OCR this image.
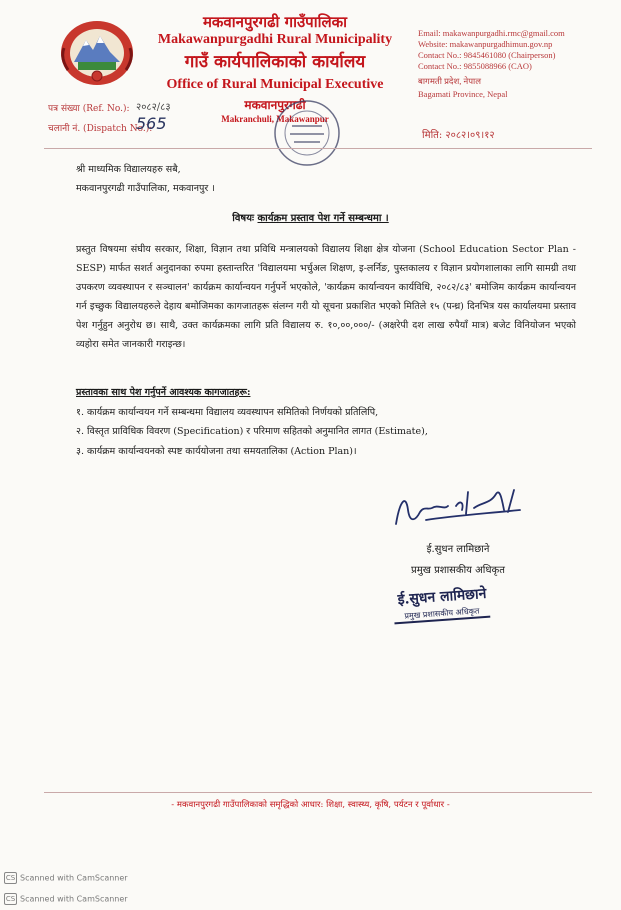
मकवानपुरगढी गाउँपालिका
Makawanpurgadhi Rural Municipality
गाउँ कार्यपालिकाको कार्यालय
Office of Rural Municipal Executive
मकवानपुरगढी
Makranchuli, Makawanpur
Email: makawanpurgadhi.rmc@gmail.com
Website: makawanpurgadhimun.gov.np
Contact No.: 9845461080 (Chairperson)
Contact No.: 9855088966 (CAO)
बागमती प्रदेश, नेपाल
Bagamati Province, Nepal
पत्र संख्या (Ref. No.): २०८२/८३
चलानी नं. (Dispatch No.):
565
मिति: २०८२।०९।१२
श्री माध्यमिक विद्यालयहरु सबै,
मकवानपुरगढी गाउँपालिका, मकवानपुर ।
विषयः कार्यक्रम प्रस्ताव पेश गर्ने सम्बन्धमा ।
प्रस्तुत विषयमा संघीय सरकार, शिक्षा, विज्ञान तथा प्रविधि मन्त्रालयको विद्यालय शिक्षा क्षेत्र योजना (School Education Sector Plan - SESP) मार्फत सशर्त अनुदानका रुपमा हस्तान्तरित 'विद्यालयमा भर्चुअल शिक्षण, इ-लर्निङ, पुस्तकालय र विज्ञान प्रयोगशालाका लागि सामग्री तथा उपकरण व्यवस्थापन र सञ्चालन' कार्यक्रम कार्यान्वयन गर्नुपर्ने भएकोले, 'कार्यक्रम कार्यान्वयन कार्यविधि, २०८२/८३' बमोजिम कार्यक्रम कार्यान्वयन गर्न इच्छुक विद्यालयहरुले देहाय बमोजिमका कागजातहरू संलग्न गरी यो सूचना प्रकाशित भएको मितिले १५ (पन्ध्र) दिनभित्र यस कार्यालयमा प्रस्ताव पेश गर्नुहुन अनुरोध छ। साथै, उक्त कार्यक्रमका लागि प्रति विद्यालय रु. १०,००,०००/- (अक्षरेपी दश लाख रुपैयाँ मात्र) बजेट विनियोजन भएको व्यहोरा समेत जानकारी गराइन्छ।
प्रस्तावका साथ पेश गर्नुपर्ने आवश्यक कागजातहरू:
१. कार्यक्रम कार्यान्वयन गर्ने सम्बन्धमा विद्यालय व्यवस्थापन समितिको निर्णयको प्रतिलिपि,
२. विस्तृत प्राविधिक विवरण (Specification) र परिमाण सहितको अनुमानित लागत (Estimate),
३. कार्यक्रम कार्यान्वयनको स्पष्ट कार्ययोजना तथा समयतालिका (Action Plan)।
ई.सुधन लामिछाने
प्रमुख प्रशासकीय अधिकृत
ई.सुधन लामिछाने
प्रमुख प्रशासकीय अधिकृत
- मकवानपुरगढी गाउँपालिकाको समृद्धिको आधार: शिक्षा, स्वास्थ्य, कृषि, पर्यटन र पूर्वाधार -
CS Scanned with CamScanner
CS Scanned with CamScanner
